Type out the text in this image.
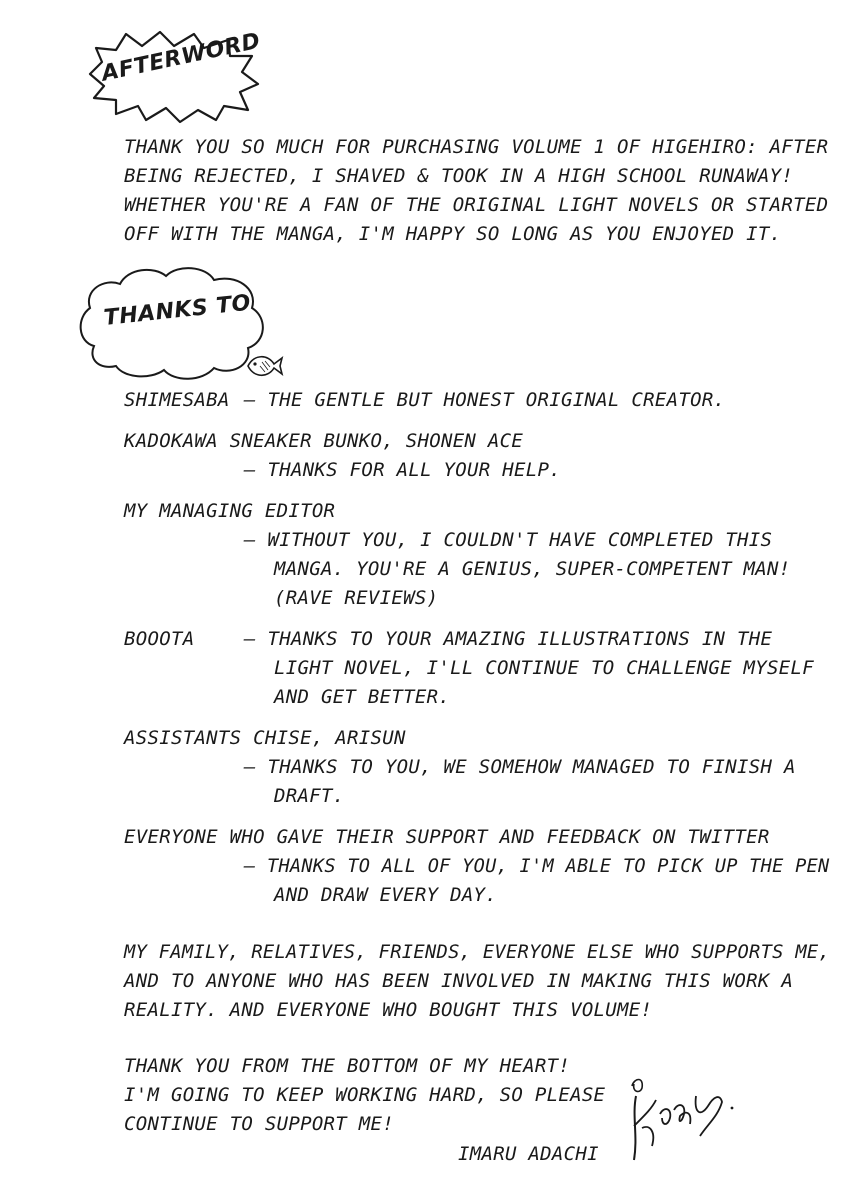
AFTERWORD
THANK YOU SO MUCH FOR PURCHASING VOLUME 1 OF HIGEHIRO: AFTER
BEING REJECTED, I SHAVED & TOOK IN A HIGH SCHOOL RUNAWAY!
WHETHER YOU'RE A FAN OF THE ORIGINAL LIGHT NOVELS OR STARTED
OFF WITH THE MANGA, I'M HAPPY SO LONG AS YOU ENJOYED IT.
THANKS TO
SHIMESABA — THE GENTLE BUT HONEST ORIGINAL CREATOR.
KADOKAWA SNEAKER BUNKO, SHONEN ACE
— THANKS FOR ALL YOUR HELP.
MY MANAGING EDITOR
— WITHOUT YOU, I COULDN'T HAVE COMPLETED THIS
MANGA. YOU'RE A GENIUS, SUPER-COMPETENT MAN!
(RAVE REVIEWS)
BOOOTA	— THANKS TO YOUR AMAZING ILLUSTRATIONS IN THE
LIGHT NOVEL, I'LL CONTINUE TO CHALLENGE MYSELF
AND GET BETTER.
ASSISTANTS CHISE, ARISUN
— THANKS TO YOU, WE SOMEHOW MANAGED TO FINISH A
DRAFT.
EVERYONE WHO GAVE THEIR SUPPORT AND FEEDBACK ON TWITTER
— THANKS TO ALL OF YOU, I'M ABLE TO PICK UP THE PEN
AND DRAW EVERY DAY.
MY FAMILY, RELATIVES, FRIENDS, EVERYONE ELSE WHO SUPPORTS ME,
AND TO ANYONE WHO HAS BEEN INVOLVED IN MAKING THIS WORK A
REALITY. AND EVERYONE WHO BOUGHT THIS VOLUME!
THANK YOU FROM THE BOTTOM OF MY HEART!
I'M GOING TO KEEP WORKING HARD, SO PLEASE
CONTINUE TO SUPPORT ME!
IMARU ADACHI
